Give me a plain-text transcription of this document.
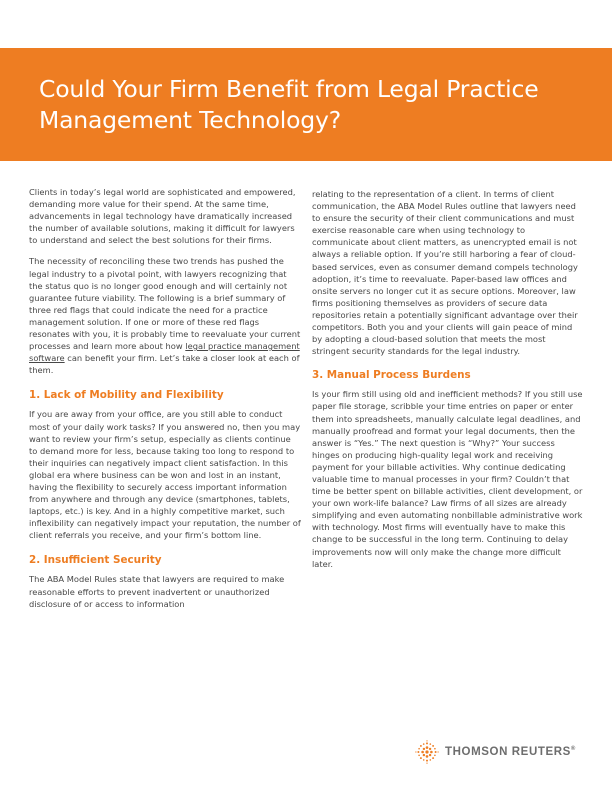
Could Your Firm Benefit from Legal Practice Management Technology?

Clients in today’s legal world are sophisticated and empowered, demanding more value for their spend. At the same time, advancements in legal technology have dramatically increased the number of available solutions, making it difficult for lawyers to understand and select the best solutions for their firms.

The necessity of reconciling these two trends has pushed the legal industry to a pivotal point, with lawyers recognizing that the status quo is no longer good enough and will certainly not guarantee future viability. The following is a brief summary of three red flags that could indicate the need for a practice management solution. If one or more of these red flags resonates with you, it is probably time to reevaluate your current processes and learn more about how legal practice management software can benefit your firm. Let’s take a closer look at each of them.

1. Lack of Mobility and Flexibility

If you are away from your office, are you still able to conduct most of your daily work tasks? If you answered no, then you may want to review your firm’s setup, especially as clients continue to demand more for less, because taking too long to respond to their inquiries can negatively impact client satisfaction. In this global era where business can be won and lost in an instant, having the flexibility to securely access important information from anywhere and through any device (smartphones, tablets, laptops, etc.) is key. And in a highly competitive market, such inflexibility can negatively impact your reputation, the number of client referrals you receive, and your firm’s bottom line.

2. Insufficient Security

The ABA Model Rules state that lawyers are required to make reasonable efforts to prevent inadvertent or unauthorized disclosure of or access to information

relating to the representation of a client. In terms of client communication, the ABA Model Rules outline that lawyers need to ensure the security of their client communications and must exercise reasonable care when using technology to communicate about client matters, as unencrypted email is not always a reliable option. If you’re still harboring a fear of cloud-based services, even as consumer demand compels technology adoption, it’s time to reevaluate. Paper-based law offices and onsite servers no longer cut it as secure options. Moreover, law firms positioning themselves as providers of secure data repositories retain a potentially significant advantage over their competitors. Both you and your clients will gain peace of mind by adopting a cloud-based solution that meets the most stringent security standards for the legal industry.

3. Manual Process Burdens

Is your firm still using old and inefficient methods? If you still use paper file storage, scribble your time entries on paper or enter them into spreadsheets, manually calculate legal deadlines, and manually proofread and format your legal documents, then the answer is “Yes.” The next question is “Why?” Your success hinges on producing high-quality legal work and receiving payment for your billable activities. Why continue dedicating valuable time to manual processes in your firm? Couldn’t that time be better spent on billable activities, client development, or your own work-life balance? Law firms of all sizes are already simplifying and even automating nonbillable administrative work with technology. Most firms will eventually have to make this change to be successful in the long term. Continuing to delay improvements now will only make the change more difficult later.

THOMSON REUTERS®
